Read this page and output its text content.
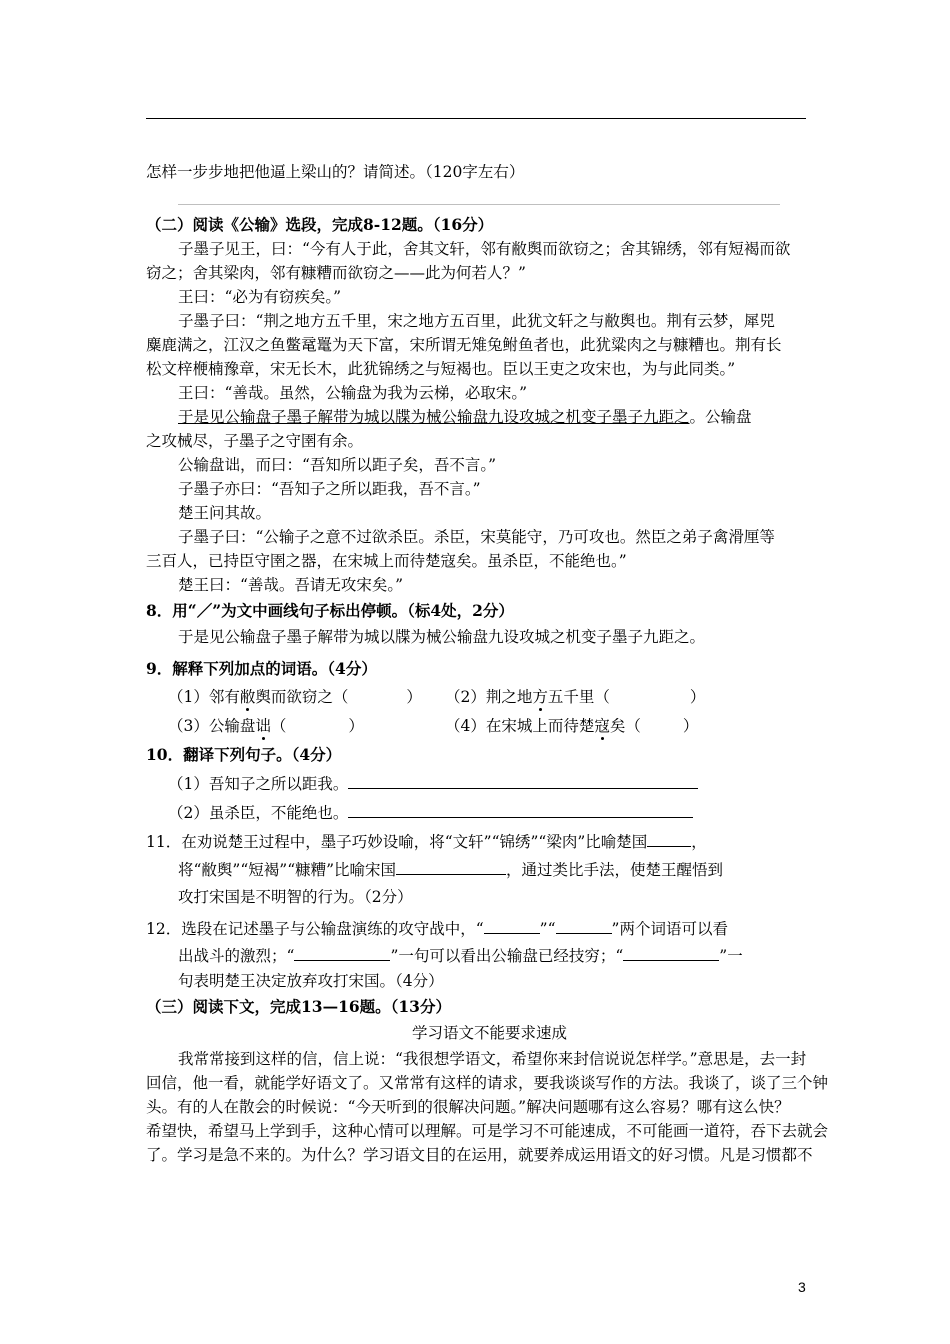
怎样一步步地把他逼上梁山的？请简述。（120字左右）
（二）阅读《公输》选段，完成8-12题。（16分）
子墨子见王，曰：“今有人于此，舍其文轩，邻有敝舆而欲窃之；舍其锦绣，邻有短褐而欲
窃之；舍其梁肉，邻有糠糟而欲窃之——此为何若人？”
王曰：“必为有窃疾矣。”
子墨子曰：“荆之地方五千里，宋之地方五百里，此犹文轩之与敝舆也。荆有云梦，犀兕
麋鹿满之，江汉之鱼鳖鼋鼍为天下富，宋所谓无雉兔鲋鱼者也，此犹粱肉之与糠糟也。荆有长
松文梓楩楠豫章，宋无长木，此犹锦绣之与短褐也。臣以王吏之攻宋也，为与此同类。”
王曰：“善哉。虽然，公输盘为我为云梯，必取宋。”
于是见公输盘子墨子解带为城以牒为械公输盘九设攻城之机变子墨子九距之。公输盘
之攻械尽，子墨子之守圉有余。
公输盘诎，而曰：“吾知所以距子矣，吾不言。”
子墨子亦曰：“吾知子之所以距我，吾不言。”
楚王问其故。
子墨子曰：“公输子之意不过欲杀臣。杀臣，宋莫能守，乃可攻也。然臣之弟子禽滑厘等
三百人，已持臣守圉之器，在宋城上而待楚寇矣。虽杀臣，不能绝也。”
楚王曰：“善哉。吾请无攻宋矣。”
8．用“／”为文中画线句子标出停顿。（标4处，2分）
于是见公输盘子墨子解带为城以牒为械公输盘九设攻城之机变子墨子九距之。
9．解释下列加点的词语。（4分）
（1）邻有敝舆而欲窃之（	） （2）荆之地方五千里（	）
（3）公输盘诎（	）	（4）在宋城上而待楚寇矣（	）
10．翻译下列句子。（4分）
（1）吾知子之所以距我。
（2）虽杀臣，不能绝也。
11．在劝说楚王过程中，墨子巧妙设喻，将“文轩”“锦绣”“梁肉”比喻楚国	，
将“敝舆”“短褐”“糠糟”比喻宋国	，通过类比手法，使楚王醒悟到
攻打宋国是不明智的行为。（2分）
12．选段在记述墨子与公输盘演练的攻守战中，“	”“	”两个词语可以看
出战斗的激烈；“	”一句可以看出公输盘已经技穷；“	”一
句表明楚王决定放弃攻打宋国。（4分）
（三）阅读下文，完成13—16题。（13分）
学习语文不能要求速成
我常常接到这样的信，信上说：“我很想学语文，希望你来封信说说怎样学。”意思是，去一封
回信，他一看，就能学好语文了。又常常有这样的请求，要我谈谈写作的方法。我谈了，谈了三个钟
头。有的人在散会的时候说：“今天听到的很解决问题。”解决问题哪有这么容易？哪有这么快？
希望快，希望马上学到手，这种心情可以理解。可是学习不可能速成，不可能画一道符，吞下去就会
了。学习是急不来的。为什么？学习语文目的在运用，就要养成运用语文的好习惯。凡是习惯都不
3
